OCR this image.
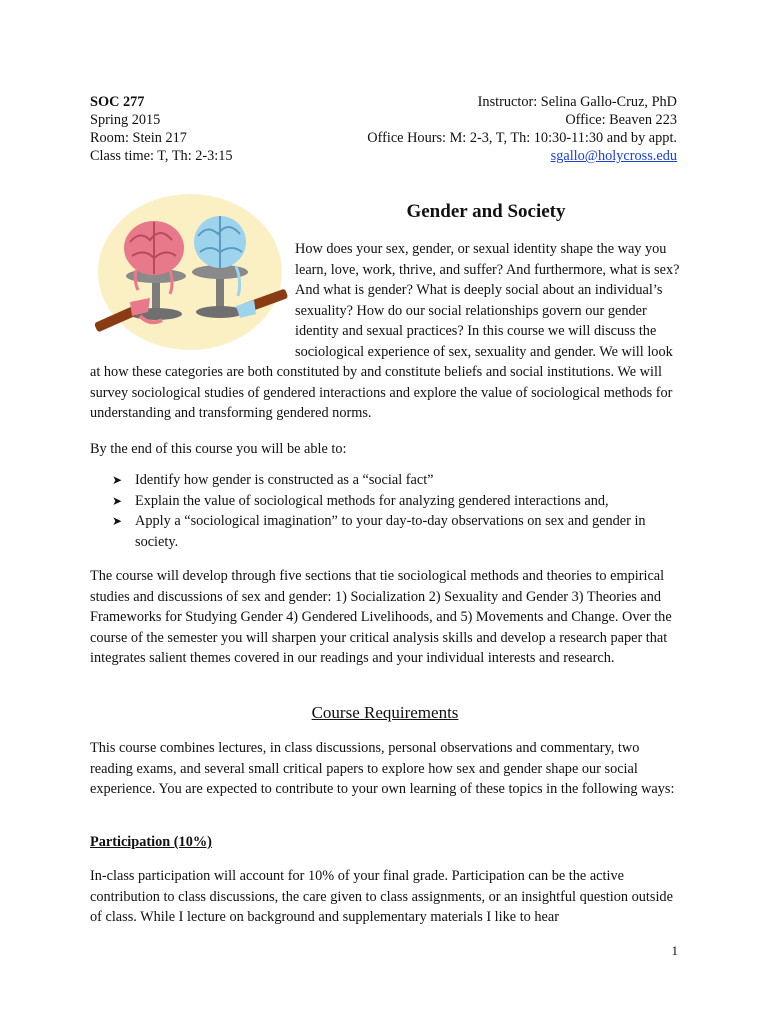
SOC 277
Spring 2015
Room: Stein 217
Class time: T, Th: 2-3:15
Instructor: Selina Gallo-Cruz, PhD
Office: Beaven 223
Office Hours: M: 2-3, T, Th: 10:30-11:30 and by appt.
sgallo@holycross.edu
Gender and Society

How does your sex, gender, or sexual identity shape the way you learn, love, work, thrive, and suffer? And furthermore, what is sex? And what is gender? What is deeply social about an individual’s sexuality? How do our social relationships govern our gender identity and sexual practices? In this course we will discuss the sociological experience of sex, sexuality and gender. We will look at how these categories are both constituted by and constitute beliefs and social institutions. We will survey sociological studies of gendered interactions and explore the value of sociological methods for understanding and transforming gendered norms.

By the end of this course you will be able to:

➤ Identify how gender is constructed as a “social fact”
➤ Explain the value of sociological methods for analyzing gendered interactions and,
➤ Apply a “sociological imagination” to your day-to-day observations on sex and gender in society.

The course will develop through five sections that tie sociological methods and theories to empirical studies and discussions of sex and gender: 1) Socialization 2) Sexuality and Gender 3) Theories and Frameworks for Studying Gender 4) Gendered Livelihoods, and 5) Movements and Change. Over the course of the semester you will sharpen your critical analysis skills and develop a research paper that integrates salient themes covered in our readings and your individual interests and research.

Course Requirements

This course combines lectures, in class discussions, personal observations and commentary, two reading exams, and several small critical papers to explore how sex and gender shape our social experience. You are expected to contribute to your own learning of these topics in the following ways:

Participation (10%)

In-class participation will account for 10% of your final grade. Participation can be the active contribution to class discussions, the care given to class assignments, or an insightful question outside of class. While I lecture on background and supplementary materials I like to hear

1
